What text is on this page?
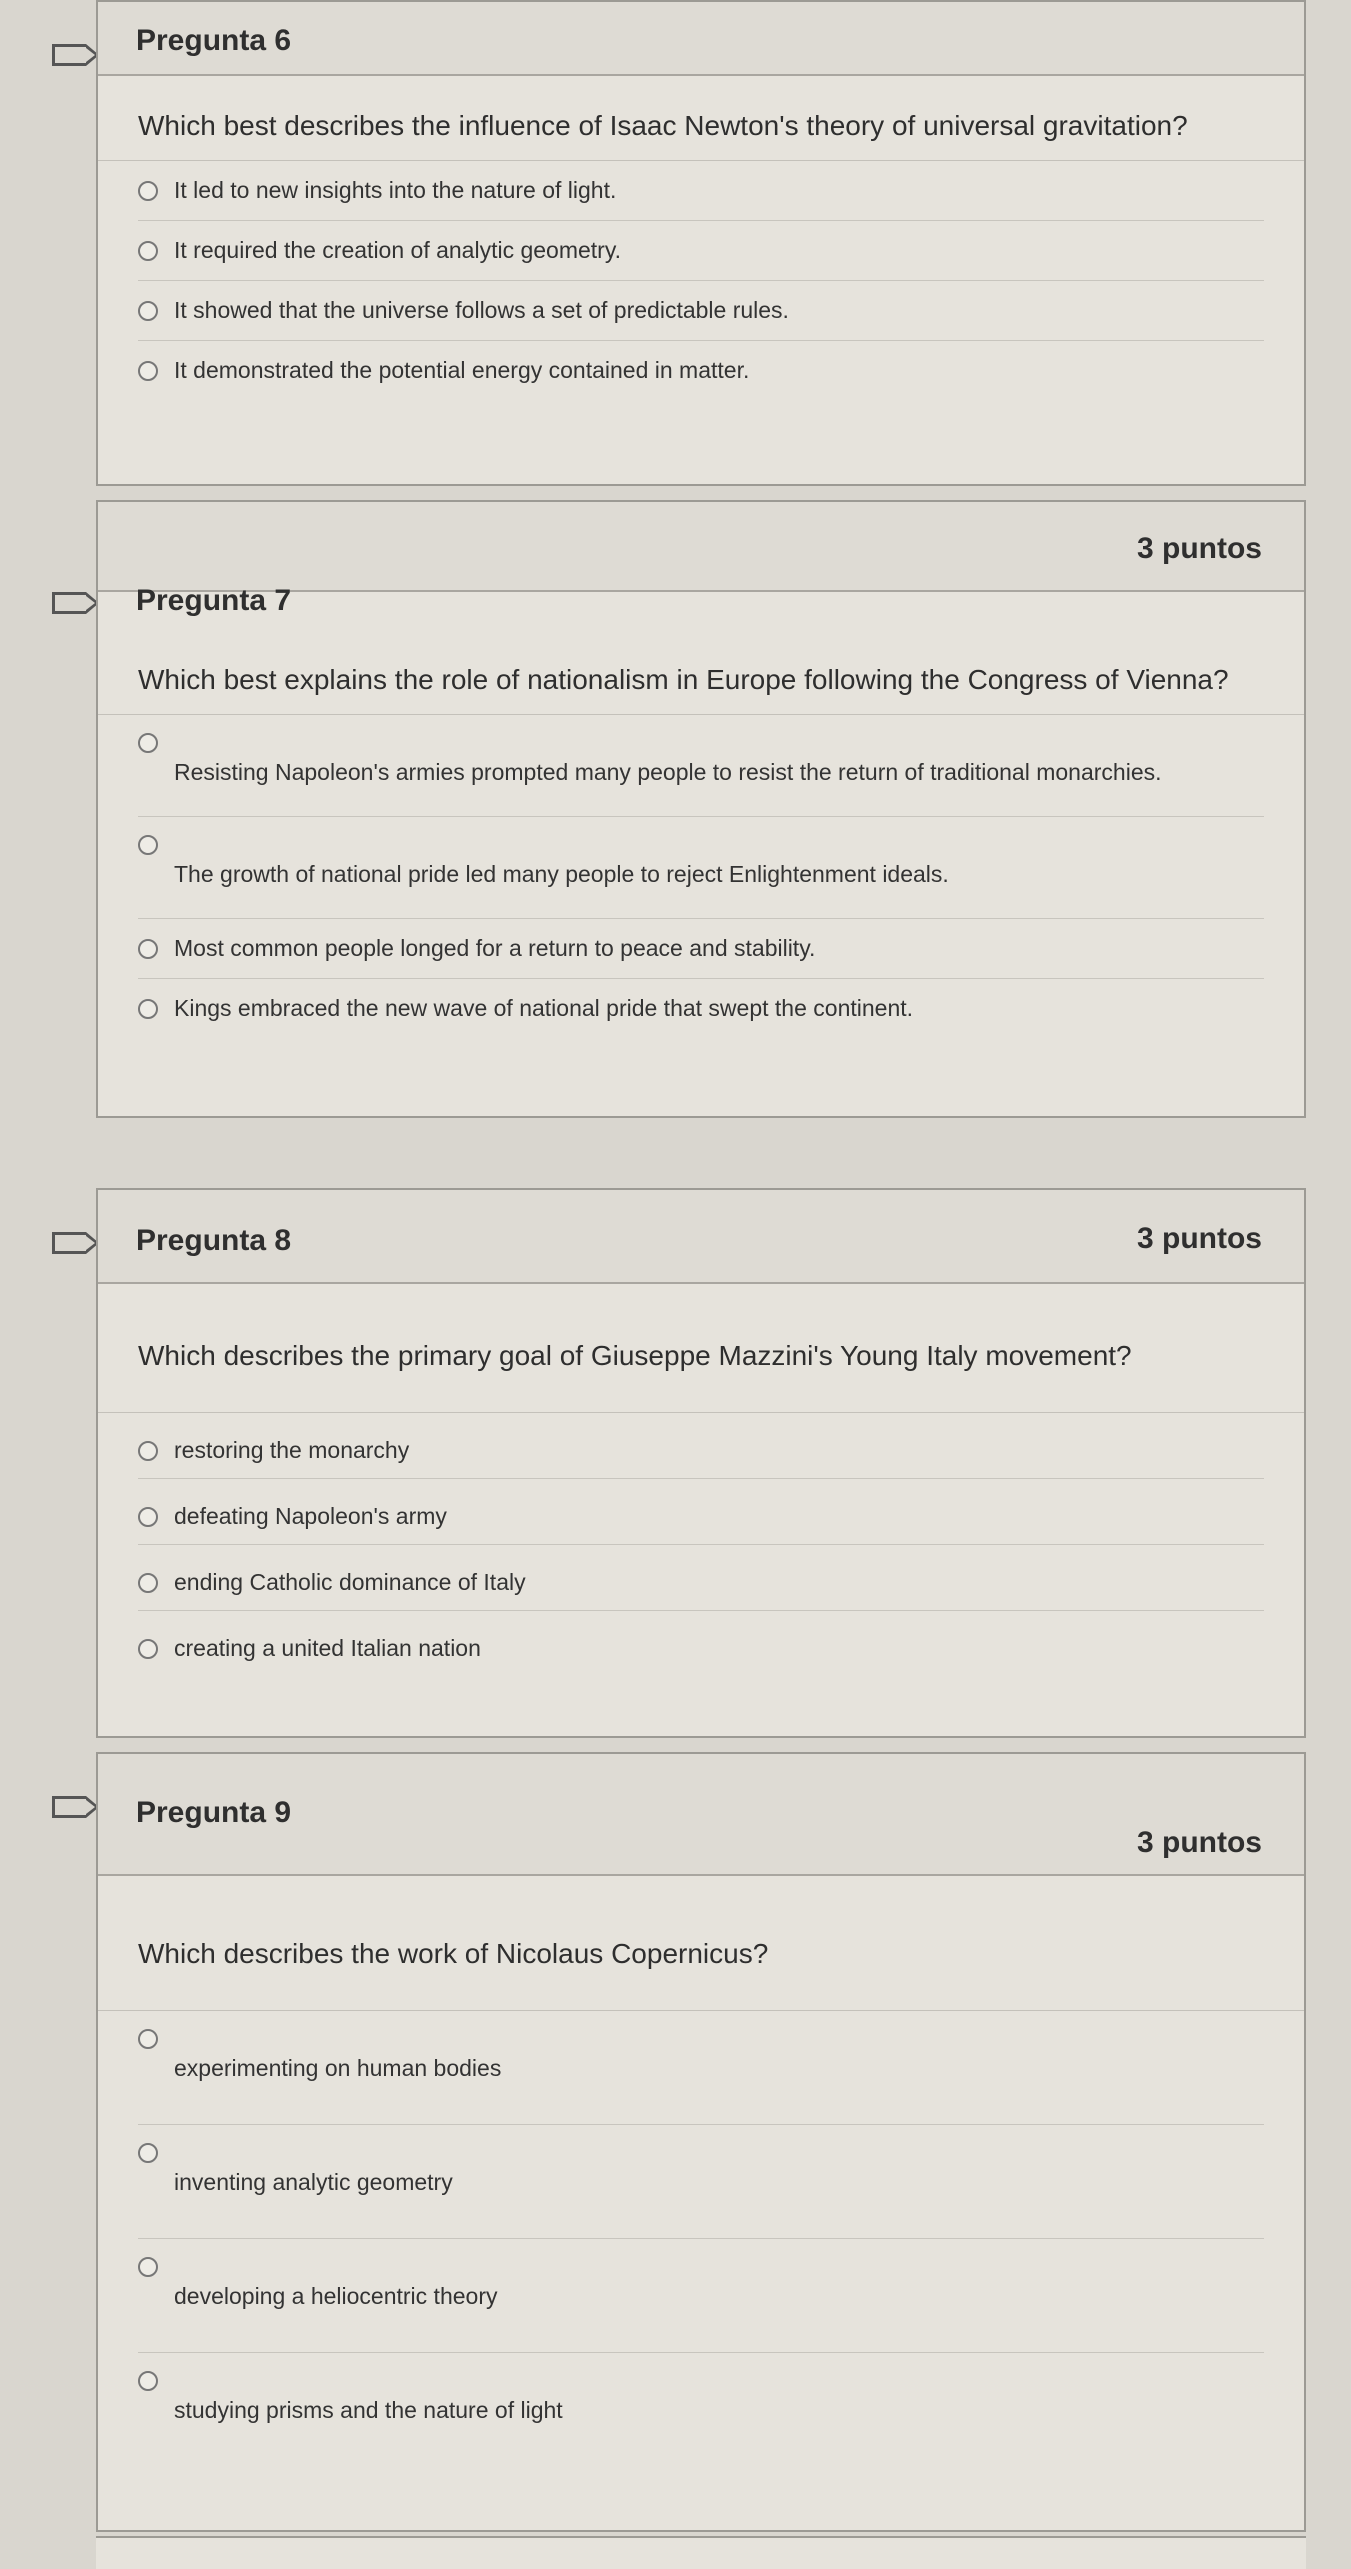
Pregunta 6
Which best describes the influence of Isaac Newton's theory of universal gravitation?
It led to new insights into the nature of light.
It required the creation of analytic geometry.
It showed that the universe follows a set of predictable rules.
It demonstrated the potential energy contained in matter.
Pregunta 7
3 puntos
Which best explains the role of nationalism in Europe following the Congress of Vienna?
Resisting Napoleon's armies prompted many people to resist the return of traditional monarchies.
The growth of national pride led many people to reject Enlightenment ideals.
Most common people longed for a return to peace and stability.
Kings embraced the new wave of national pride that swept the continent.
Pregunta 8	3 puntos
Which describes the primary goal of Giuseppe Mazzini's Young Italy movement?
restoring the monarchy
defeating Napoleon's army
ending Catholic dominance of Italy
creating a united Italian nation
Pregunta 9
3 puntos
Which describes the work of Nicolaus Copernicus?
experimenting on human bodies
inventing analytic geometry
developing a heliocentric theory
studying prisms and the nature of light
